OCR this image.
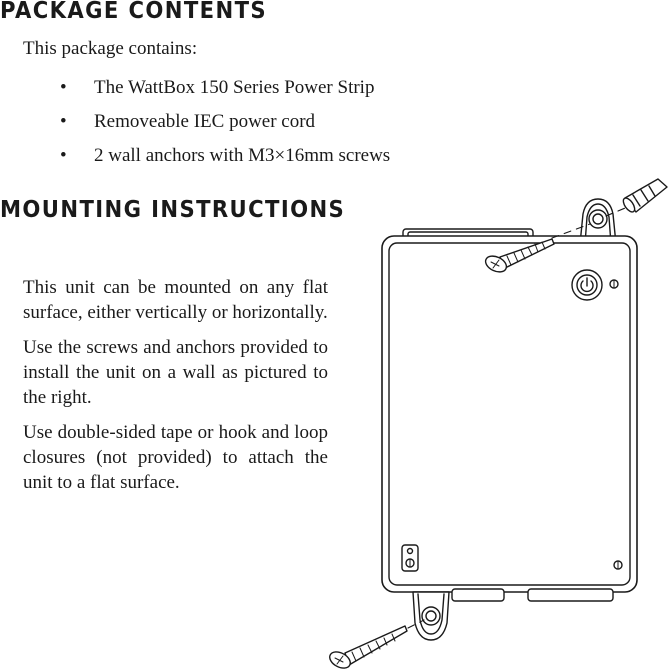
PACKAGE CONTENTS

This package contains:

• The WattBox 150 Series Power Strip
• Removeable IEC power cord
• 2 wall anchors with M3×16mm screws
MOUNTING INSTRUCTIONS

This unit can be mounted on any flat surface, either vertically or horizontally.

Use the screws and anchors provided to install the unit on a wall as pictured to the right.

Use double-sided tape or hook and loop closures (not provided) to attach the unit to a flat surface.
